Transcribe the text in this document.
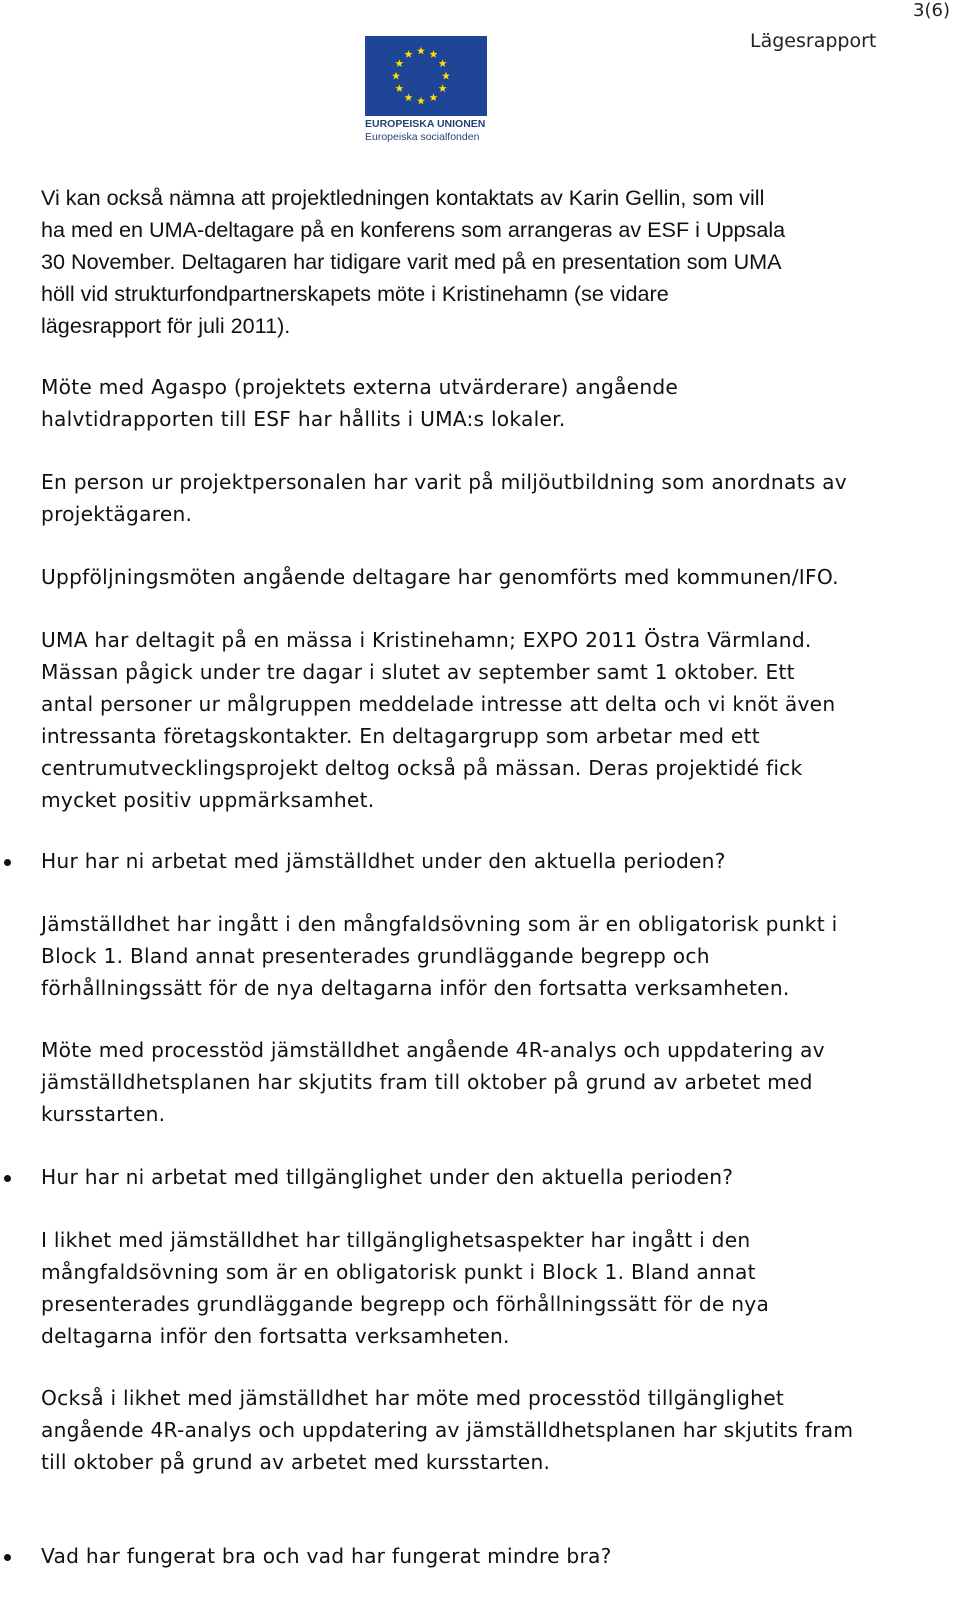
3(6)
Lägesrapport
EUROPEISKA UNIONEN
Europeiska socialfonden
Vi kan också nämna att projektledningen kontaktats av Karin Gellin, som vill
ha med en UMA-deltagare på en konferens som arrangeras av ESF i Uppsala
30 November. Deltagaren har tidigare varit med på en presentation som UMA
höll vid strukturfondpartnerskapets möte i Kristinehamn (se vidare
lägesrapport för juli 2011).
Möte med Agaspo (projektets externa utvärderare) angående
halvtidrapporten till ESF har hållits i UMA:s lokaler.
En person ur projektpersonalen har varit på miljöutbildning som anordnats av
projektägaren.
Uppföljningsmöten angående deltagare har genomförts med kommunen/IFO.
UMA har deltagit på en mässa i Kristinehamn; EXPO 2011 Östra Värmland.
Mässan pågick under tre dagar i slutet av september samt 1 oktober. Ett
antal personer ur målgruppen meddelade intresse att delta och vi knöt även
intressanta företagskontakter. En deltagargrupp som arbetar med ett
centrumutvecklingsprojekt deltog också på mässan. Deras projektidé fick
mycket positiv uppmärksamhet.
Hur har ni arbetat med jämställdhet under den aktuella perioden?
Jämställdhet har ingått i den mångfaldsövning som är en obligatorisk punkt i
Block 1. Bland annat presenterades grundläggande begrepp och
förhållningssätt för de nya deltagarna inför den fortsatta verksamheten.
Möte med processtöd jämställdhet angående 4R-analys och uppdatering av
jämställdhetsplanen har skjutits fram till oktober på grund av arbetet med
kursstarten.
Hur har ni arbetat med tillgänglighet under den aktuella perioden?
I likhet med jämställdhet har tillgänglighetsaspekter har ingått i den
mångfaldsövning som är en obligatorisk punkt i Block 1. Bland annat
presenterades grundläggande begrepp och förhållningssätt för de nya
deltagarna inför den fortsatta verksamheten.
Också i likhet med jämställdhet har möte med processtöd tillgänglighet
angående 4R-analys och uppdatering av jämställdhetsplanen har skjutits fram
till oktober på grund av arbetet med kursstarten.
Vad har fungerat bra och vad har fungerat mindre bra?
